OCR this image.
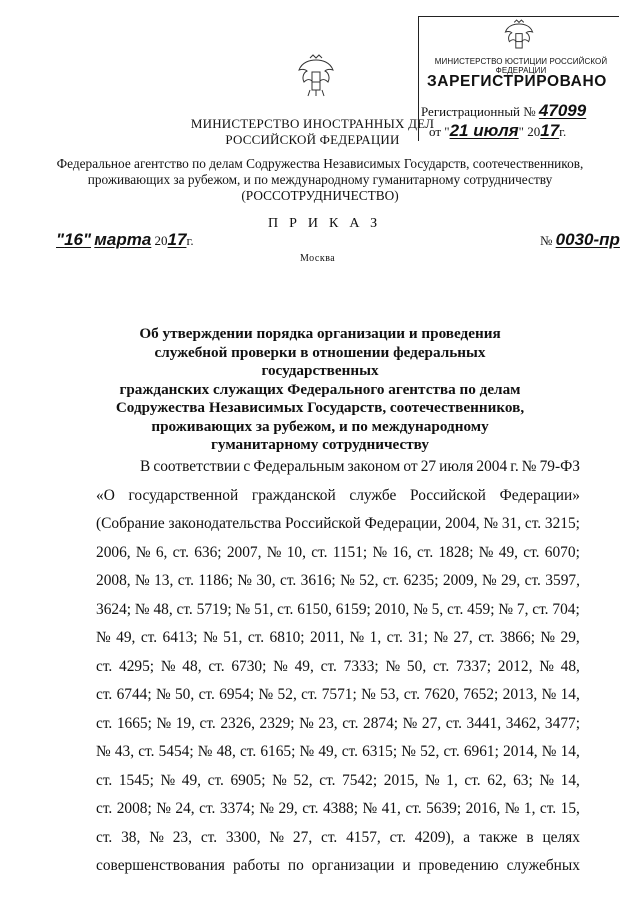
МИНИСТЕРСТВО ИНОСТРАННЫХ ДЕЛ
РОССИЙСКОЙ ФЕДЕРАЦИИ
МИНИСТЕРСТВО ЮСТИЦИИ РОССИЙСКОЙ ФЕДЕРАЦИИ
ЗАРЕГИСТРИРОВАНО
Регистрационный № 47099
от "21 июля" 2017г.
Федеральное агентство по делам Содружества Независимых Государств, соотечественников,
проживающих за рубежом, и по международному гуманитарному сотрудничеству
(РОССОТРУДНИЧЕСТВО)
ПРИКАЗ
"16" марта 2017г.	№ 0030-пр
Москва
Об утверждении порядка организации и проведения
служебной проверки в отношении федеральных государственных
гражданских служащих Федерального агентства по делам
Содружества Независимых Государств, соотечественников,
проживающих за рубежом, и по международному
гуманитарному сотрудничеству
В соответствии с Федеральным законом от 27 июля 2004 г. № 79-ФЗ
«О государственной гражданской службе Российской Федерации»
(Собрание законодательства Российской Федерации, 2004, № 31, ст. 3215;
2006, № 6, ст. 636; 2007, № 10, ст. 1151; № 16, ст. 1828; № 49, ст. 6070;
2008, № 13, ст. 1186; № 30, ст. 3616; № 52, ст. 6235; 2009, № 29, ст. 3597,
3624; № 48, ст. 5719; № 51, ст. 6150, 6159; 2010, № 5, ст. 459; № 7, ст. 704;
№ 49, ст. 6413; № 51, ст. 6810; 2011, № 1, ст. 31; № 27, ст. 3866; № 29,
ст. 4295; № 48, ст. 6730; № 49, ст. 7333; № 50, ст. 7337; 2012, № 48,
ст. 6744; № 50, ст. 6954; № 52, ст. 7571; № 53, ст. 7620, 7652; 2013, № 14,
ст. 1665; № 19, ст. 2326, 2329; № 23, ст. 2874; № 27, ст. 3441, 3462, 3477;
№ 43, ст. 5454; № 48, ст. 6165; № 49, ст. 6315; № 52, ст. 6961; 2014, № 14,
ст. 1545; № 49, ст. 6905; № 52, ст. 7542; 2015, № 1, ст. 62, 63; № 14,
ст. 2008; № 24, ст. 3374; № 29, ст. 4388; № 41, ст. 5639; 2016, № 1, ст. 15,
ст. 38, № 23, ст. 3300, № 27, ст. 4157, ст. 4209), а также в целях
совершенствования работы по организации и проведению служебных
